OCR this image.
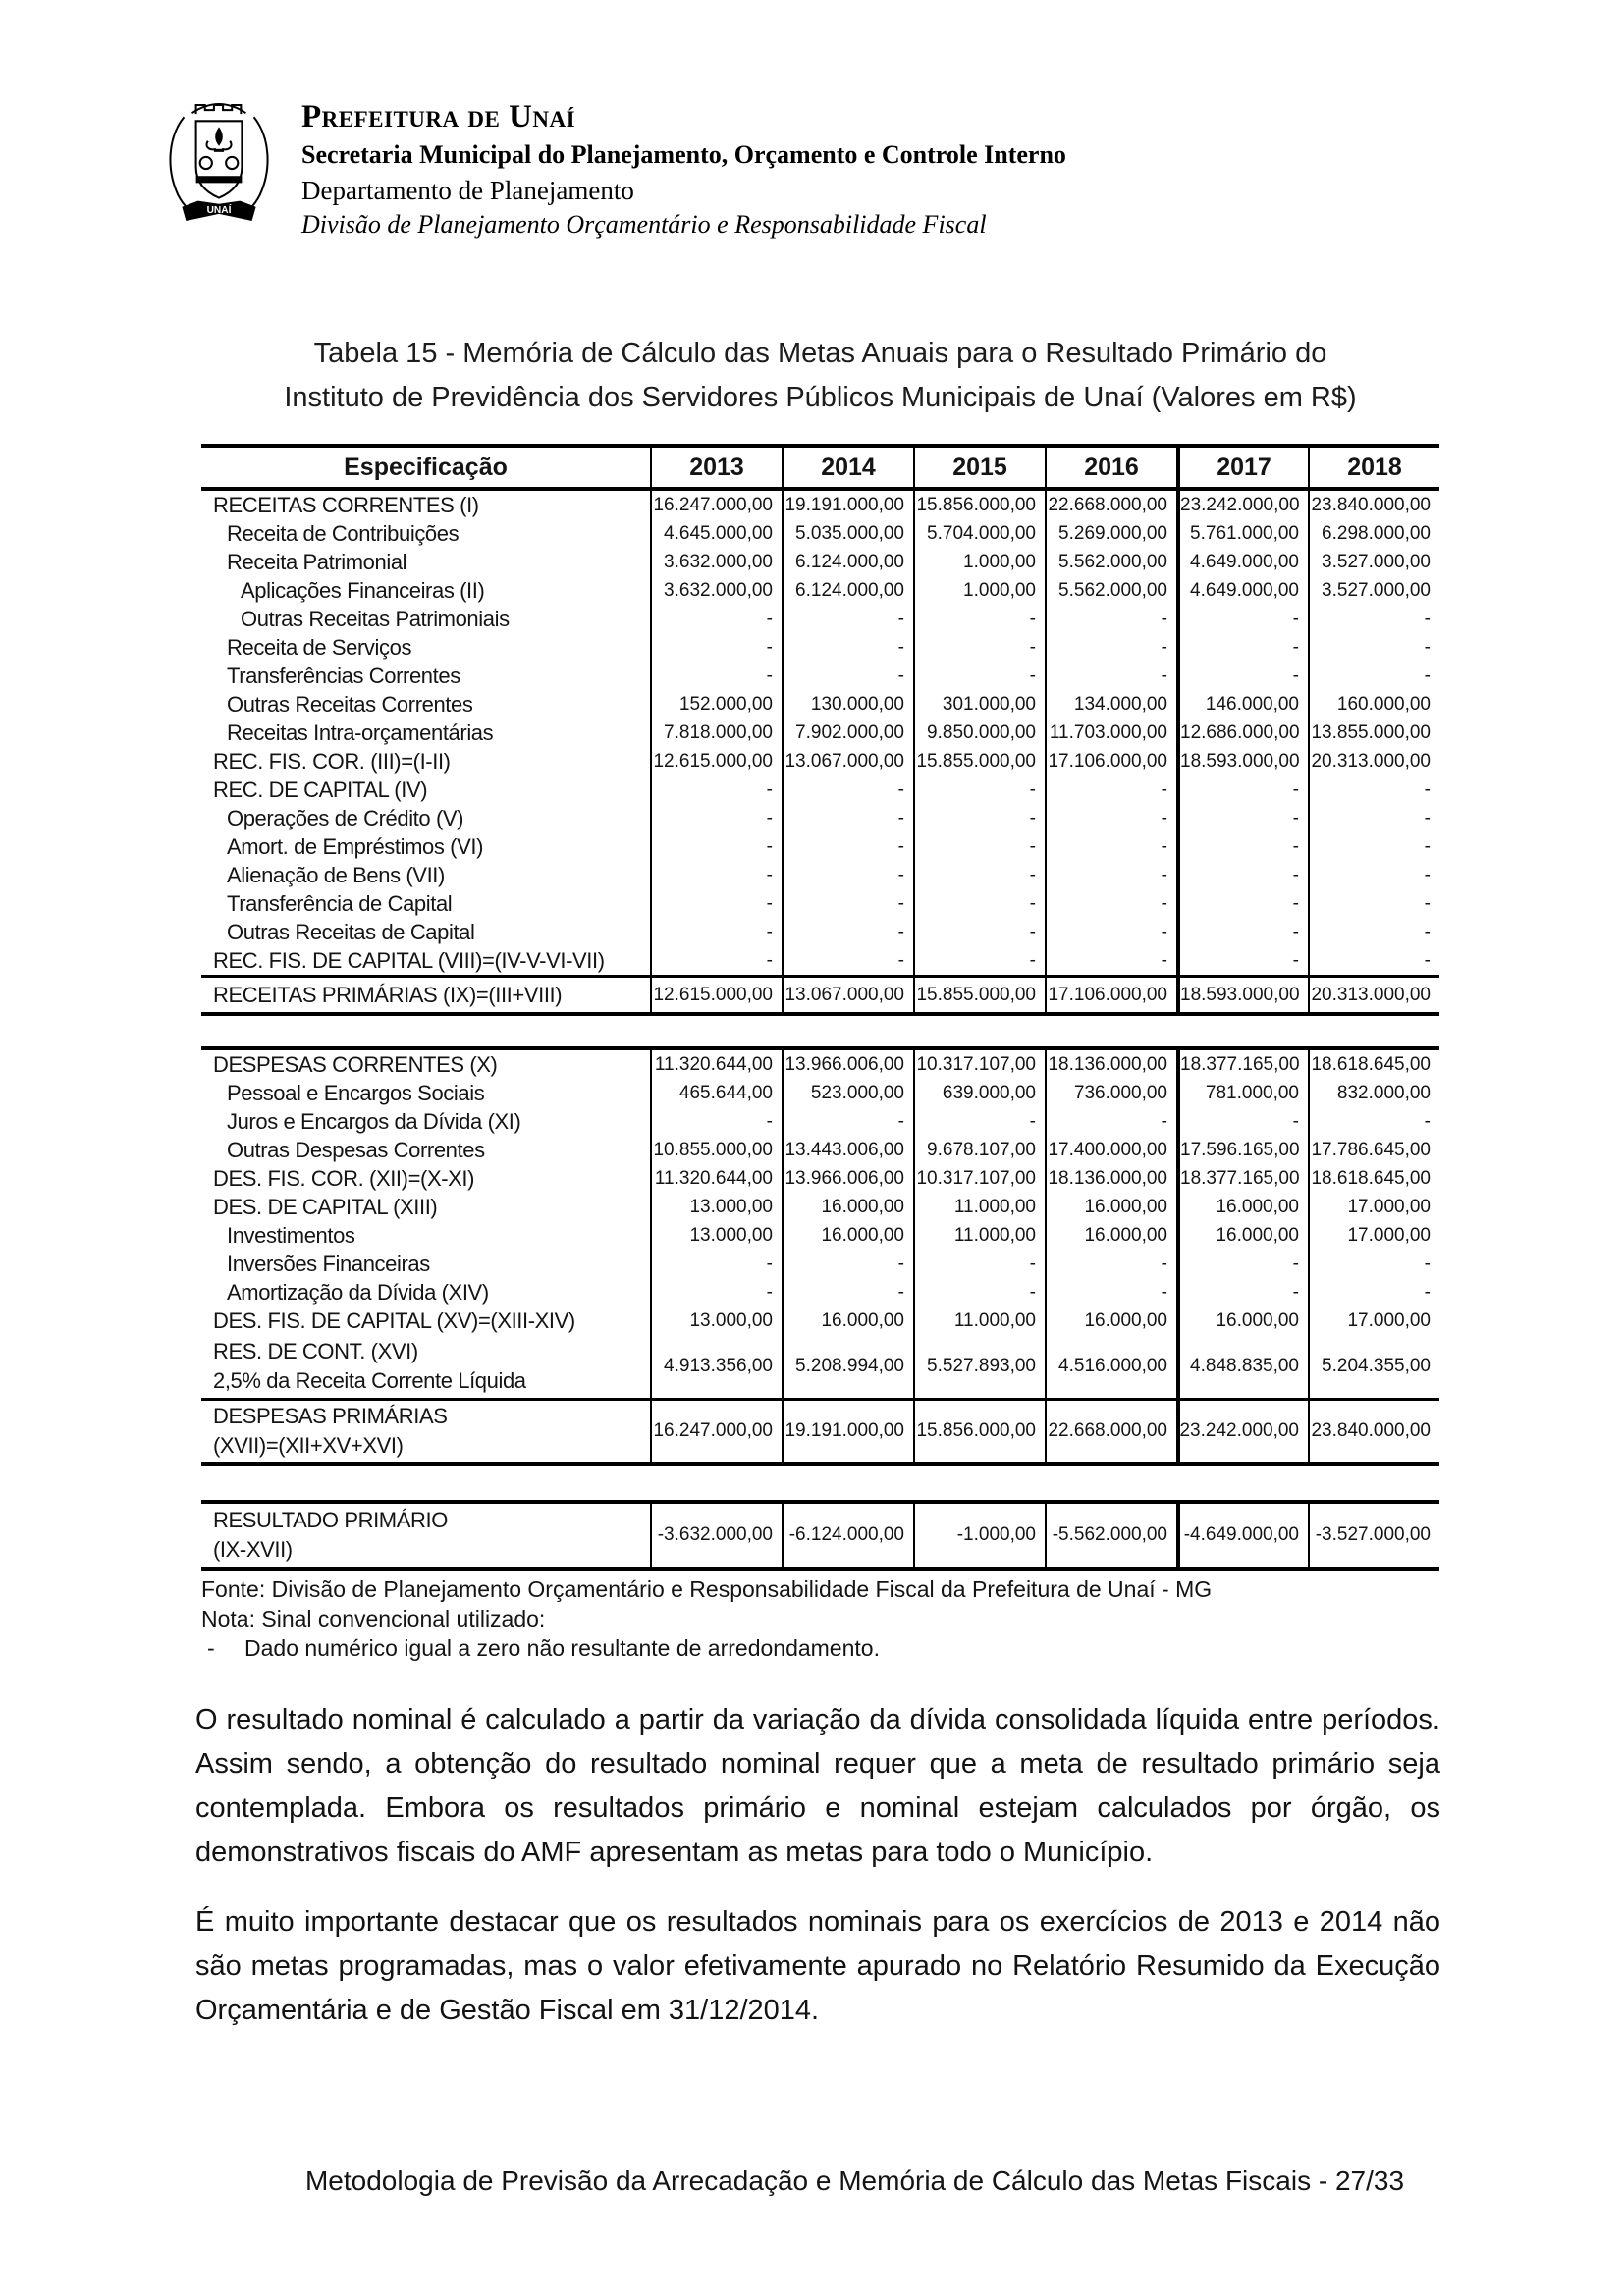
UNAÍ
Prefeitura de Unaí
Secretaria Municipal do Planejamento, Orçamento e Controle Interno
Departamento de Planejamento
Divisão de Planejamento Orçamentário e Responsabilidade Fiscal
Tabela 15 - Memória de Cálculo das Metas Anuais para o Resultado Primário do
Instituto de Previdência dos Servidores Públicos Municipais de Unaí (Valores em R$)
Especificação	2013	2014	2015	2016	2017	2018
RECEITAS CORRENTES (I)	16.247.000,00 19.191.000,00 15.856.000,00 22.668.000,00 23.242.000,00 23.840.000,00
Receita de Contribuições	4.645.000,00	5.035.000,00	5.704.000,00	5.269.000,00	5.761.000,00	6.298.000,00
Receita Patrimonial	3.632.000,00	6.124.000,00	1.000,00	5.562.000,00	4.649.000,00	3.527.000,00
Aplicações Financeiras (II)	3.632.000,00	6.124.000,00	1.000,00	5.562.000,00	4.649.000,00	3.527.000,00
Outras Receitas Patrimoniais	-	-	-	-	-	-
Receita de Serviços	-	-	-	-	-	-
Transferências Correntes	-	-	-	-	-	-
Outras Receitas Correntes	152.000,00	130.000,00	301.000,00	134.000,00	146.000,00	160.000,00
Receitas Intra-orçamentárias	7.818.000,00	7.902.000,00	9.850.000,00 11.703.000,00 12.686.000,00 13.855.000,00
REC. FIS. COR. (III)=(I-II)	12.615.000,00 13.067.000,00 15.855.000,00 17.106.000,00 18.593.000,00 20.313.000,00
REC. DE CAPITAL (IV)	-	-	-	-	-	-
Operações de Crédito (V)	-	-	-	-	-	-
Amort. de Empréstimos (VI)	-	-	-	-	-	-
Alienação de Bens (VII)	-	-	-	-	-	-
Transferência de Capital	-	-	-	-	-	-
Outras Receitas de Capital	-	-	-	-	-	-
REC. FIS. DE CAPITAL (VIII)=(IV-V-VI-VII)	-	-	-	-	-	-
RECEITAS PRIMÁRIAS (IX)=(III+VIII)	12.615.000,00 13.067.000,00 15.855.000,00 17.106.000,00 18.593.000,00 20.313.000,00
DESPESAS CORRENTES (X)	11.320.644,00 13.966.006,00 10.317.107,00 18.136.000,00 18.377.165,00 18.618.645,00
Pessoal e Encargos Sociais	465.644,00	523.000,00	639.000,00	736.000,00	781.000,00	832.000,00
Juros e Encargos da Dívida (XI)	-	-	-	-	-	-
Outras Despesas Correntes	10.855.000,00 13.443.006,00	9.678.107,00 17.400.000,00 17.596.165,00 17.786.645,00
DES. FIS. COR. (XII)=(X-XI)	11.320.644,00 13.966.006,00 10.317.107,00 18.136.000,00 18.377.165,00 18.618.645,00
DES. DE CAPITAL (XIII)	13.000,00	16.000,00	11.000,00	16.000,00	16.000,00	17.000,00
Investimentos	13.000,00	16.000,00	11.000,00	16.000,00	16.000,00	17.000,00
Inversões Financeiras	-	-	-	-	-	-
Amortização da Dívida (XIV)	-	-	-	-	-	-
DES. FIS. DE CAPITAL (XV)=(XIII-XIV)	13.000,00	16.000,00	11.000,00	16.000,00	16.000,00	17.000,00
RES. DE CONT. (XVI)
2,5% da Receita Corrente Líquida
4.913.356,00	5.208.994,00	5.527.893,00	4.516.000,00	4.848.835,00	5.204.355,00
DESPESAS PRIMÁRIAS
(XVII)=(XII+XV+XVI)
16.247.000,00 19.191.000,00 15.856.000,00 22.668.000,00 23.242.000,00 23.840.000,00
RESULTADO PRIMÁRIO
(IX-XVII)
-3.632.000,00 -6.124.000,00	-1.000,00 -5.562.000,00 -4.649.000,00 -3.527.000,00
Fonte: Divisão de Planejamento Orçamentário e Responsabilidade Fiscal da Prefeitura de Unaí - MG
Nota: Sinal convencional utilizado:
-	Dado numérico igual a zero não resultante de arredondamento.
O resultado nominal é calculado a partir da variação da dívida consolidada líquida entre períodos. Assim sendo, a obtenção do resultado nominal requer que a meta de resultado primário seja contemplada. Embora os resultados primário e nominal estejam calculados por órgão, os demonstrativos fiscais do AMF apresentam as metas para todo o Município.
É muito importante destacar que os resultados nominais para os exercícios de 2013 e 2014 não são metas programadas, mas o valor efetivamente apurado no Relatório Resumido da Execução Orçamentária e de Gestão Fiscal em 31/12/2014.
Metodologia de Previsão da Arrecadação e Memória de Cálculo das Metas Fiscais - 27/33
